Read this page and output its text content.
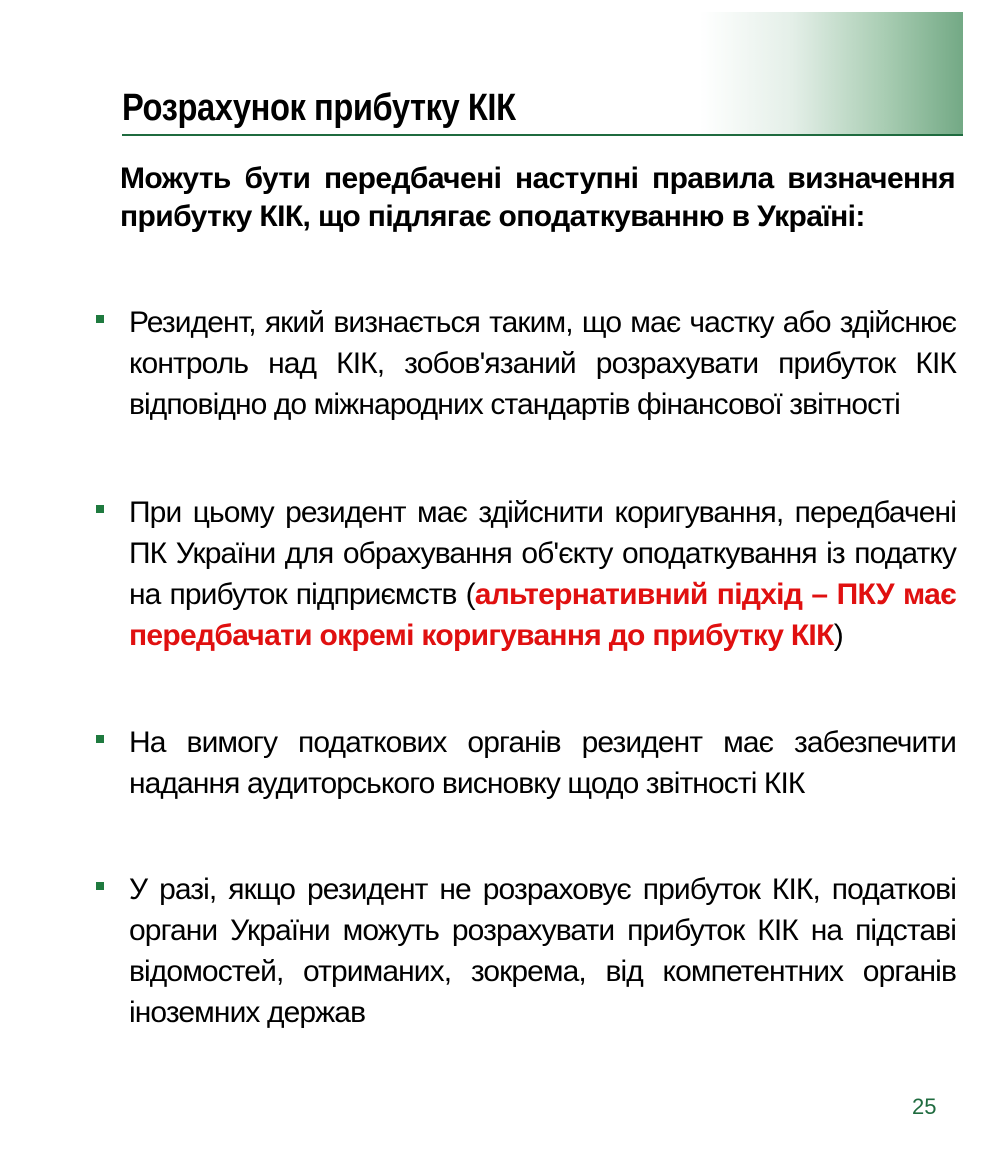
Розрахунок прибутку КІК

Можуть бути передбачені наступні правила визначення прибутку КІК, що підлягає оподаткуванню в Україні:

Резидент, який визнається таким, що має частку або здійснює контроль над КІК, зобов'язаний розрахувати прибуток КІК відповідно до міжнародних стандартів фінансової звітності
При цьому резидент має здійснити коригування, передбачені ПК України для обрахування об'єкту оподаткування із податку на прибуток підприємств (альтернативний підхід – ПКУ має передбачати окремі коригування до прибутку КІК)
На вимогу податкових органів резидент має забезпечити надання аудиторського висновку щодо звітності КІК
У разі, якщо резидент не розраховує прибуток КІК, податкові органи України можуть розрахувати прибуток КІК на підставі відомостей, отриманих, зокрема, від компетентних органів іноземних держав
25
